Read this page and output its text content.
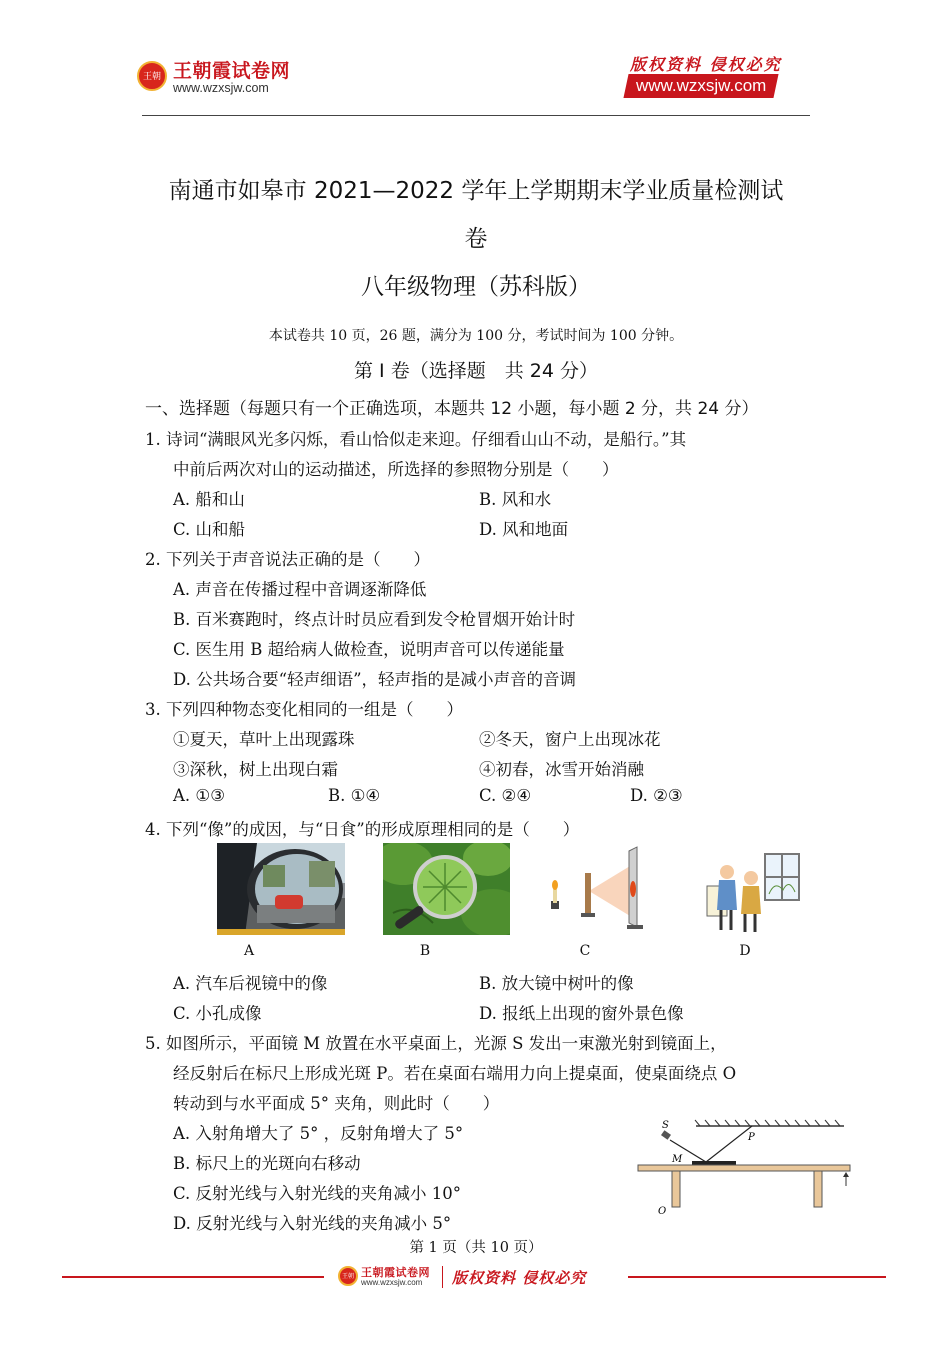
王朝 王朝霞试卷网
www.wzxsjw.com
版权资料 侵权必究
www.wzxsjw.com
南通市如皋市 2021—2022 学年上学期期末学业质量检测试
卷
八年级物理（苏科版）
本试卷共 10 页，26 题，满分为 100 分，考试时间为 100 分钟。
第 I 卷（选择题　共 24 分）
一、选择题（每题只有一个正确选项，本题共 12 小题，每小题 2 分，共 24 分）
1. 诗词“满眼风光多闪烁，看山恰似走来迎。仔细看山山不动，是船行。”其
中前后两次对山的运动描述，所选择的参照物分别是（　　）
A. 船和山	B. 风和水
C. 山和船	D. 风和地面
2. 下列关于声音说法正确的是（　　）
A. 声音在传播过程中音调逐渐降低
B. 百米赛跑时，终点计时员应看到发令枪冒烟开始计时
C. 医生用 B 超给病人做检查，说明声音可以传递能量
D. 公共场合要“轻声细语”，轻声指的是减小声音的音调
3. 下列四种物态变化相同的一组是（　　）
①夏天，草叶上出现露珠	②冬天，窗户上出现冰花
③深秋，树上出现白霜	④初春，冰雪开始消融
A. ①③	B. ①④	C. ②④	D. ②③
4. 下列“像”的成因，与“日食”的形成原理相同的是（　　）
A	B	C	D
A. 汽车后视镜中的像	B. 放大镜中树叶的像
C. 小孔成像	D. 报纸上出现的窗外景色像
5. 如图所示，平面镜 M 放置在水平桌面上，光源 S 发出一束激光射到镜面上，
经反射后在标尺上形成光斑 P。若在桌面右端用力向上提桌面，使桌面绕点 O
转动到与水平面成 5° 夹角，则此时（　　）
A. 入射角增大了 5° ，反射角增大了 5°
B. 标尺上的光斑向右移动
C. 反射光线与入射光线的夹角减小 10°
D. 反射光线与入射光线的夹角减小 5°
S
P
M
O
第 1 页（共 10 页）
王朝 王朝霞试卷网
www.wzxsjw.com	版权资料 侵权必究
